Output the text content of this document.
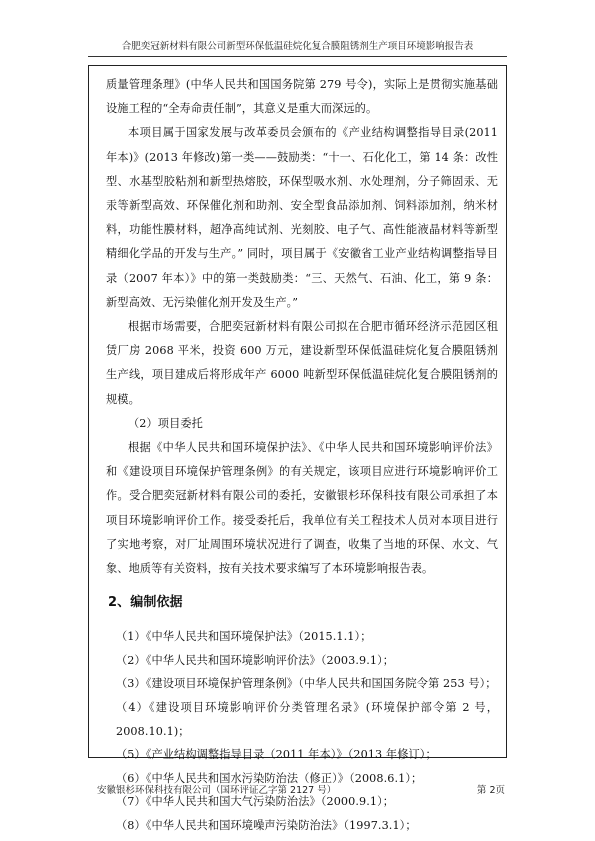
合肥奕冠新材料有限公司新型环保低温硅烷化复合膜阻锈剂生产项目环境影响报告表

质量管理条理》(中华人民共和国国务院第 279 号令)，实际上是贯彻实施基础设施工程的“全寿命责任制”，其意义是重大而深远的。

本项目属于国家发展与改革委员会颁布的《产业结构调整指导目录(2011 年本)》(2013 年修改)第一类——鼓励类：“十一、石化化工，第 14 条：改性型、水基型胶粘剂和新型热熔胶，环保型吸水剂、水处理剂，分子筛固汞、无汞等新型高效、环保催化剂和助剂、安全型食品添加剂、饲料添加剂，纳米材料，功能性膜材料，超净高纯试剂、光刻胶、电子气、高性能液晶材料等新型精细化学品的开发与生产。” 同时，项目属于《安徽省工业产业结构调整指导目录（2007 年本）》中的第一类鼓励类：“三、天然气、石油、化工，第 9 条：新型高效、无污染催化剂开发及生产。”

根据市场需要，合肥奕冠新材料有限公司拟在合肥市循环经济示范园区租赁厂房 2068 平米，投资 600 万元，建设新型环保低温硅烷化复合膜阻锈剂生产线，项目建成后将形成年产 6000 吨新型环保低温硅烷化复合膜阻锈剂的规模。

（2）项目委托

根据《中华人民共和国环境保护法》、《中华人民共和国环境影响评价法》和《建设项目环境保护管理条例》的有关规定，该项目应进行环境影响评价工作。受合肥奕冠新材料有限公司的委托，安徽银杉环保科技有限公司承担了本项目环境影响评价工作。接受委托后，我单位有关工程技术人员对本项目进行了实地考察，对厂址周围环境状况进行了调查，收集了当地的环保、水文、气象、地质等有关资料，按有关技术要求编写了本环境影响报告表。

2、编制依据

（1）《中华人民共和国环境保护法》（2015.1.1）；

（2）《中华人民共和国环境影响评价法》（2003.9.1）；

（3）《建设项目环境保护管理条例》（中华人民共和国国务院令第 253 号）；

（4）《建设项目环境影响评价分类管理名录》(环境保护部令第 2 号，2008.10.1)；

（5）《产业结构调整指导目录（2011 年本）》（2013 年修订）；

（6）《中华人民共和国水污染防治法（修正）》（2008.6.1）；

（7）《中华人民共和国大气污染防治法》（2000.9.1）；

（8）《中华人民共和国环境噪声污染防治法》（1997.3.1）；

安徽银杉环保科技有限公司（国环评证乙字第 2127 号）	第 2页
